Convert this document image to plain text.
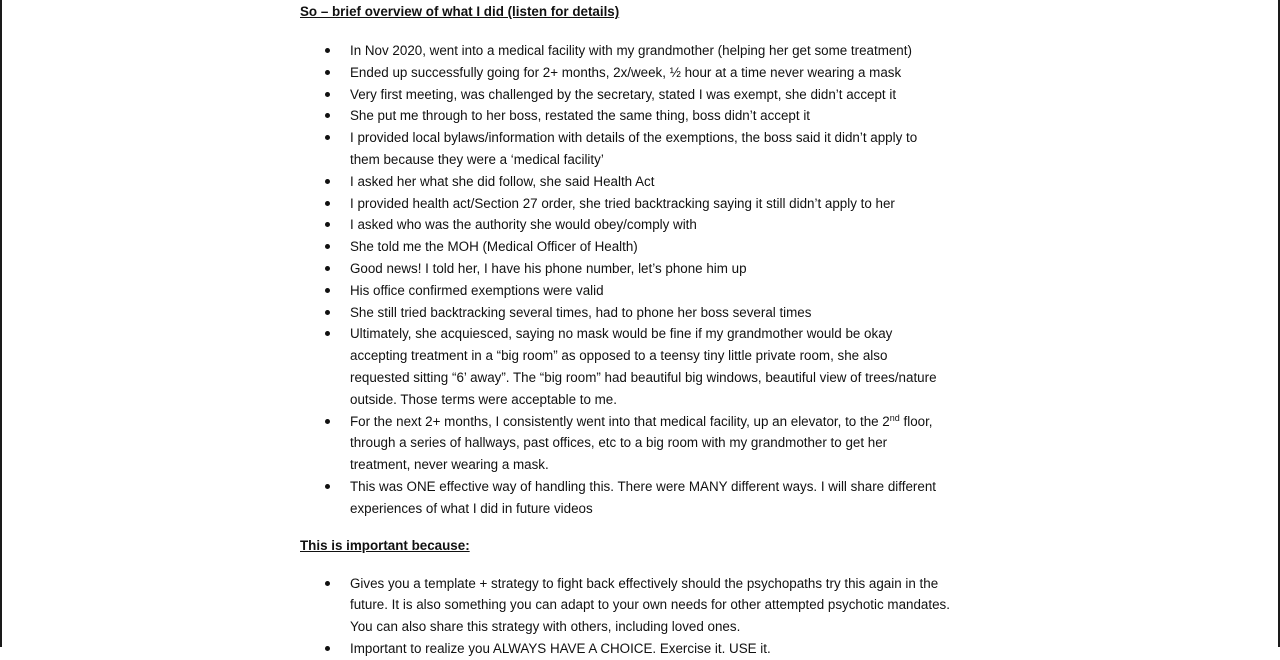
So – brief overview of what I did (listen for details)

In Nov 2020, went into a medical facility with my grandmother (helping her get some treatment)
Ended up successfully going for 2+ months, 2x/week, ½ hour at a time never wearing a mask
Very first meeting, was challenged by the secretary, stated I was exempt, she didn’t accept it
She put me through to her boss, restated the same thing, boss didn’t accept it
I provided local bylaws/information with details of the exemptions, the boss said it didn’t apply to them because they were a ‘medical facility’
I asked her what she did follow, she said Health Act
I provided health act/Section 27 order, she tried backtracking saying it still didn’t apply to her
I asked who was the authority she would obey/comply with
She told me the MOH (Medical Officer of Health)
Good news! I told her, I have his phone number, let’s phone him up
His office confirmed exemptions were valid
She still tried backtracking several times, had to phone her boss several times
Ultimately, she acquiesced, saying no mask would be fine if my grandmother would be okay accepting treatment in a “big room” as opposed to a teensy tiny little private room, she also requested sitting “6’ away”. The “big room” had beautiful big windows, beautiful view of trees/nature outside. Those terms were acceptable to me.
For the next 2+ months, I consistently went into that medical facility, up an elevator, to the 2nd floor, through a series of hallways, past offices, etc to a big room with my grandmother to get her treatment, never wearing a mask.
This was ONE effective way of handling this. There were MANY different ways. I will share different experiences of what I did in future videos

This is important because:

Gives you a template + strategy to fight back effectively should the psychopaths try this again in the future. It is also something you can adapt to your own needs for other attempted psychotic mandates. You can also share this strategy with others, including loved ones.
Important to realize you ALWAYS HAVE A CHOICE. Exercise it. USE it.
